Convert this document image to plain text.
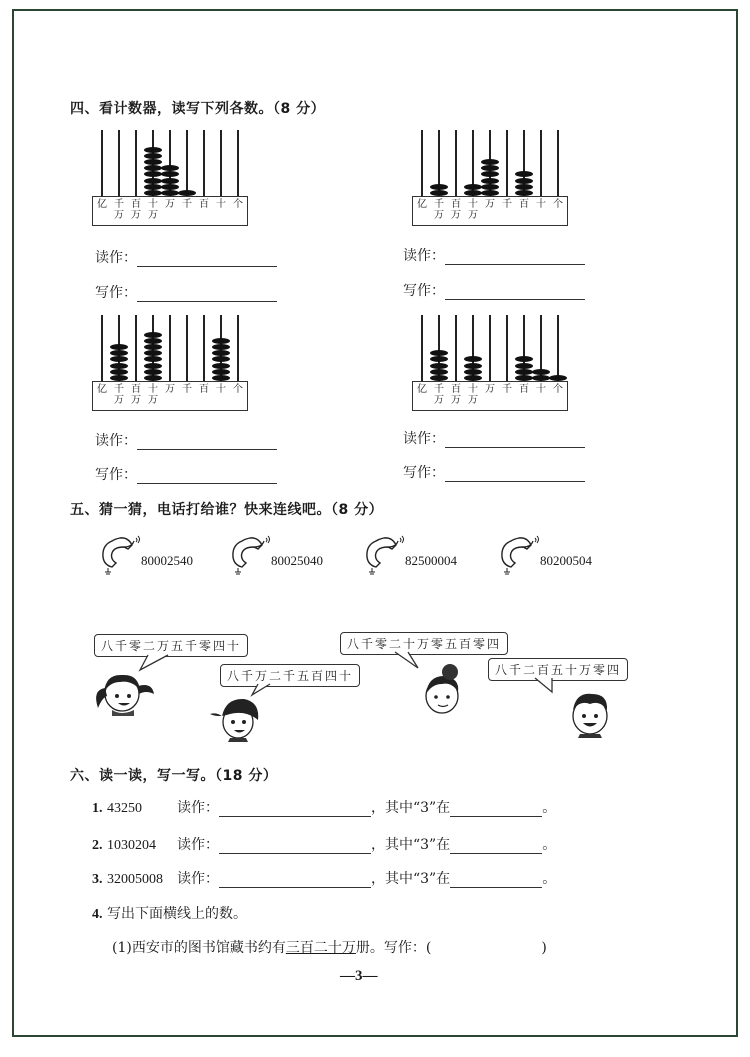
四、看计数器，读写下列各数。（8 分）
亿 千
万
百
万
十
万
万 千 百 十 个	亿 千
万
百
万
十
万
万 千 百 十 个

亿 千
万
百
万
十
万
万 千 百 十 个	亿 千
万
百
万
十
万
万 千 百 十 个

读作：
写作：
读作：
写作：
读作：
写作：
读作：
写作：
五、猜一猜，电话打给谁？快来连线吧。（8 分）
80002540	80025040	82500004	80200504
八千零二万五千零四十
八千万二千五百四十
八千零二十万零五百零四
八千二百五十万零四
六、读一读，写一写。（18 分）
1. 43250	读作：	，其中“3”在	。
2. 1030204 读作：	，其中“3”在	。
3. 32005008 读作：	，其中“3”在	。
4. 写出下面横线上的数。
(1)西安市的图书馆藏书约有三百二十万册。写作：(	)
—3—
